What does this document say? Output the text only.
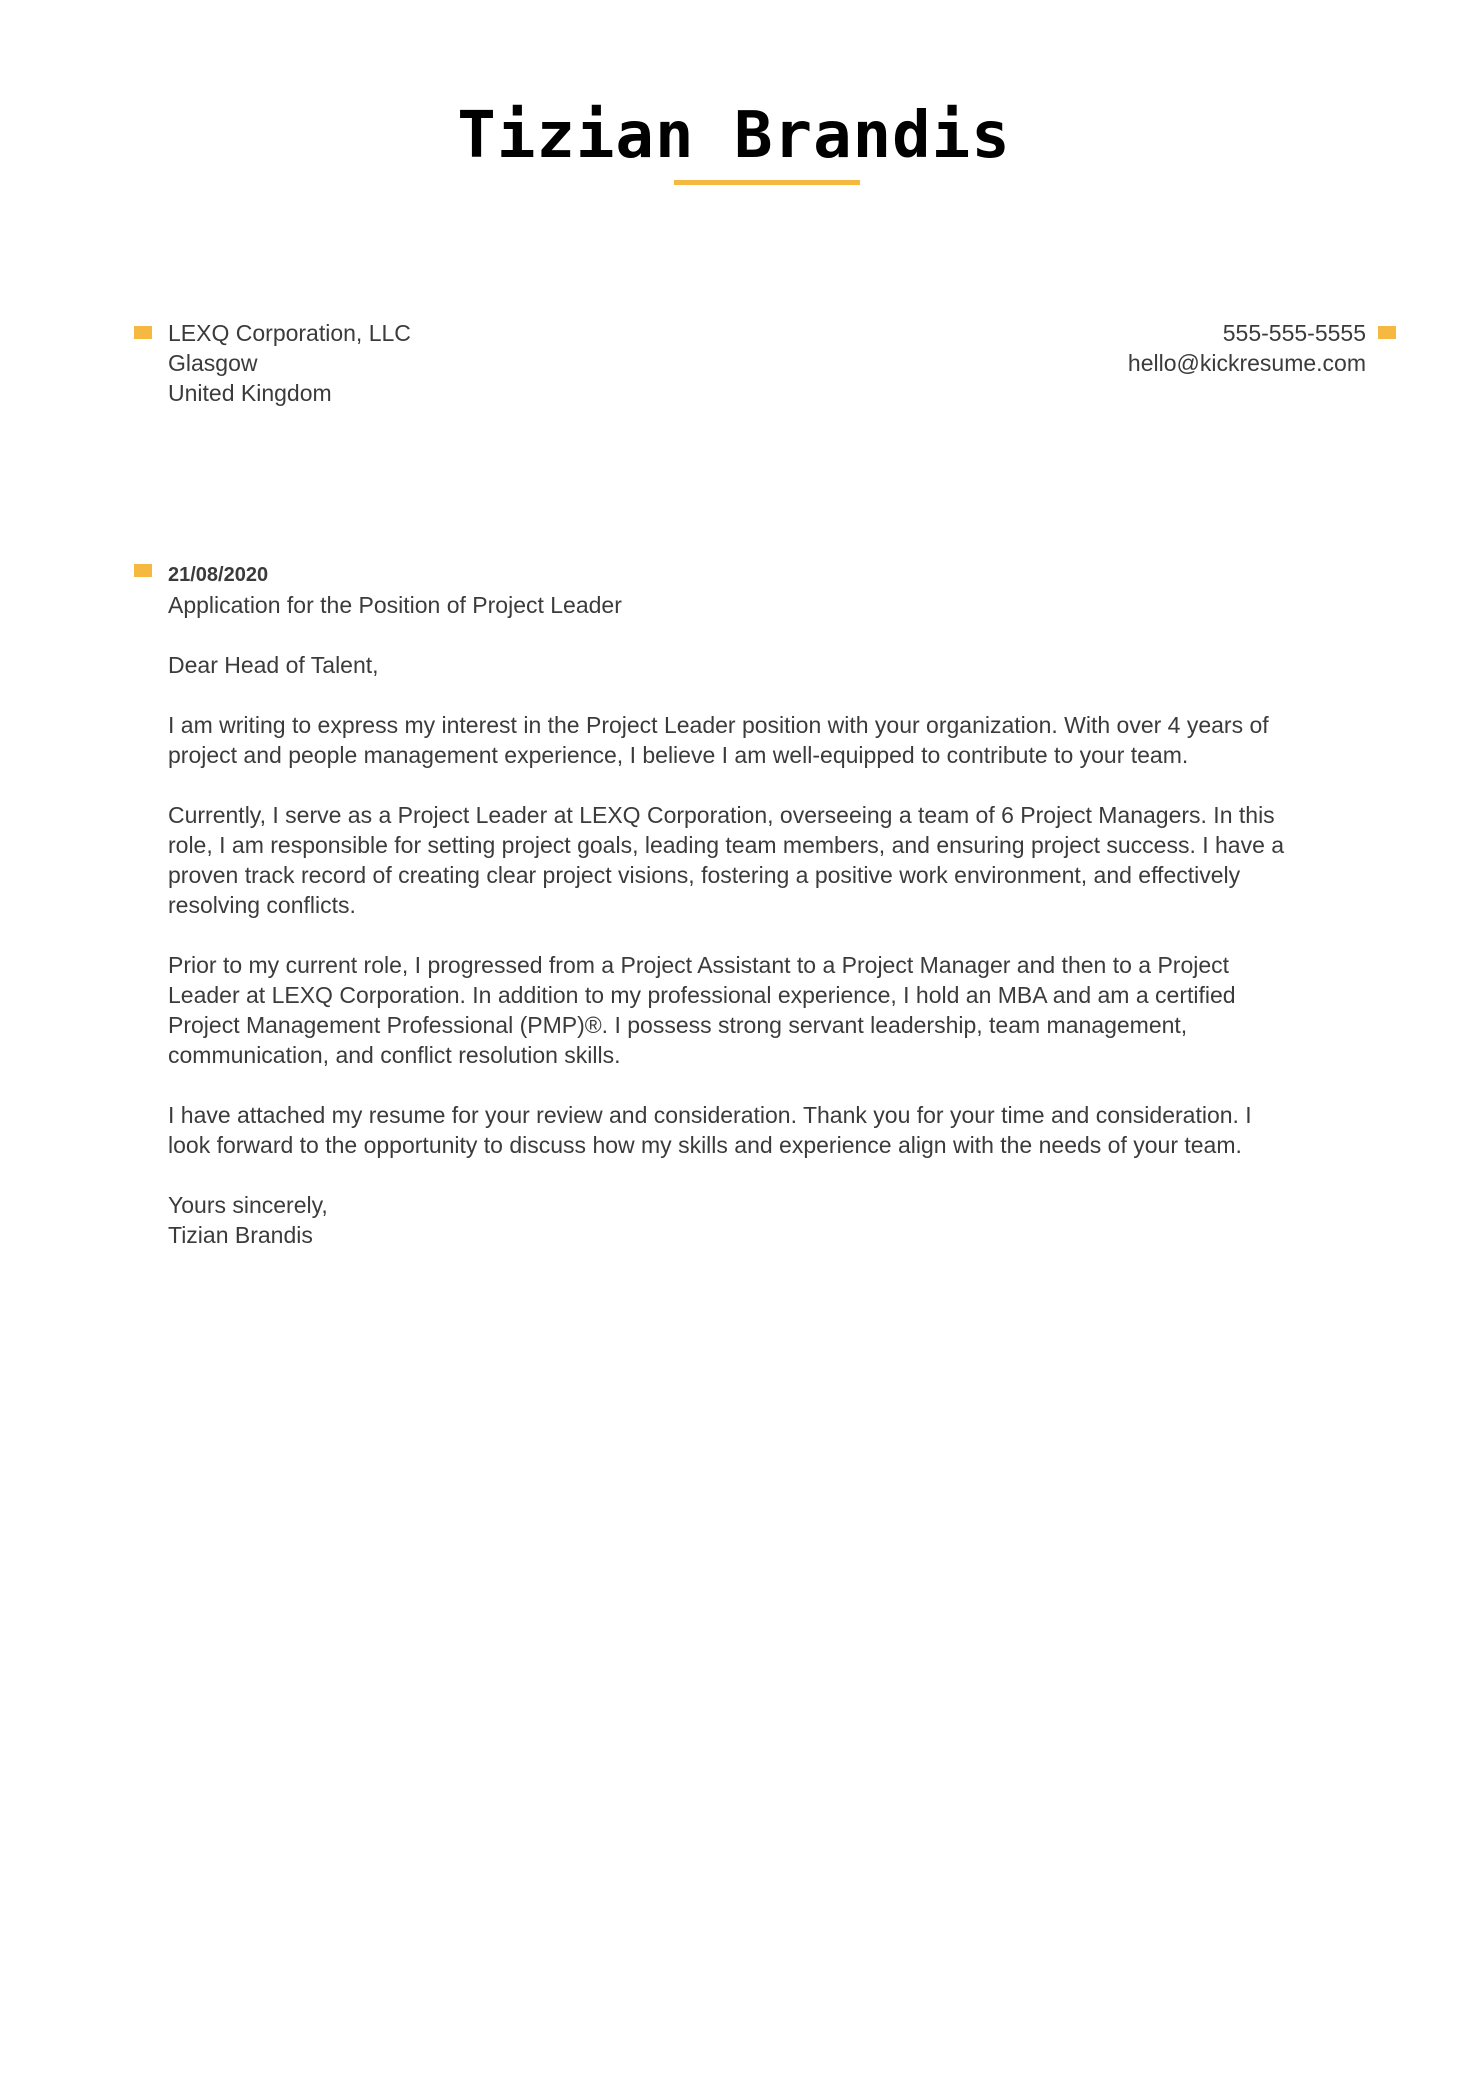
Tizian Brandis
LEXQ Corporation, LLC
Glasgow
United Kingdom
555-555-5555
hello@kickresume.com
21/08/2020
Application for the Position of Project Leader

Dear Head of Talent,

I am writing to express my interest in the Project Leader position with your organization. With over 4 years of
project and people management experience, I believe I am well-equipped to contribute to your team.

Currently, I serve as a Project Leader at LEXQ Corporation, overseeing a team of 6 Project Managers. In this
role, I am responsible for setting project goals, leading team members, and ensuring project success. I have a
proven track record of creating clear project visions, fostering a positive work environment, and effectively
resolving conflicts.

Prior to my current role, I progressed from a Project Assistant to a Project Manager and then to a Project
Leader at LEXQ Corporation. In addition to my professional experience, I hold an MBA and am a certified
Project Management Professional (PMP)®. I possess strong servant leadership, team management,
communication, and conflict resolution skills.

I have attached my resume for your review and consideration. Thank you for your time and consideration. I
look forward to the opportunity to discuss how my skills and experience align with the needs of your team.

Yours sincerely,
Tizian Brandis
